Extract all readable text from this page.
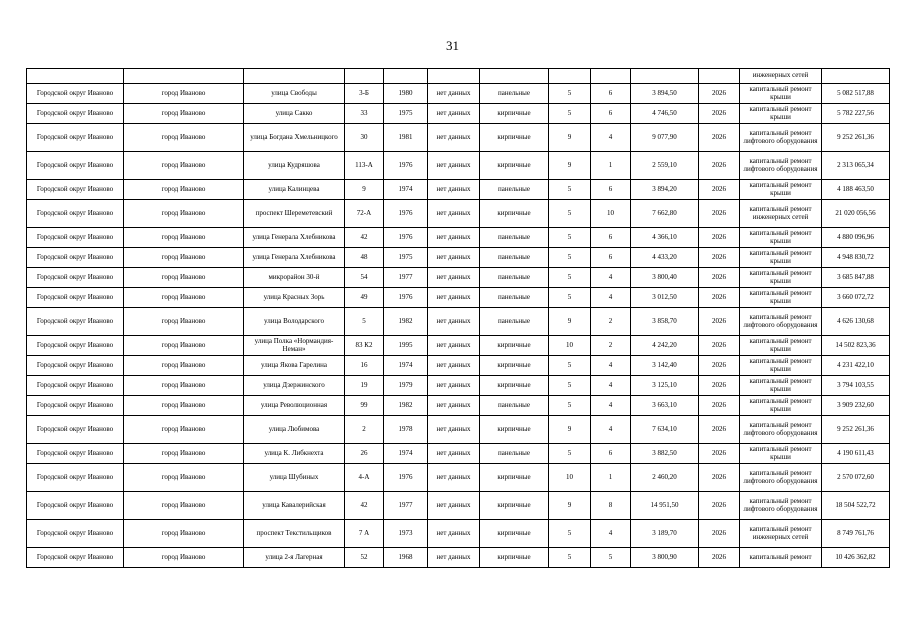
31
											инженерных сетей	
Городской округ Иваново	город Иваново	улица Свободы	3-Б	1980	нет данных	панельные	5	6	3 894,50	2026	капитальный ремонт крыши	5 082 517,88
Городской округ Иваново	город Иваново	улица Сакко	33	1975	нет данных	кирпичные	5	6	4 746,50	2026	капитальный ремонт крыши	5 782 227,56
Городской округ Иваново	город Иваново	улица Богдана Хмельницкого	30	1981	нет данных	кирпичные	9	4	9 077,90	2026	капитальный ремонт лифтового оборудования	9 252 261,36
Городской округ Иваново	город Иваново	улица Кудряшова	113-А	1976	нет данных	кирпичные	9	1	2 559,10	2026	капитальный ремонт лифтового оборудования	2 313 065,34
Городской округ Иваново	город Иваново	улица Калинцева	9	1974	нет данных	панельные	5	6	3 894,20	2026	капитальный ремонт крыши	4 188 463,50
Городской округ Иваново	город Иваново	проспект Шереметевский	72-А	1976	нет данных	кирпичные	5	10	7 662,80	2026	капитальный ремонт инженерных сетей	21 020 056,56
Городской округ Иваново	город Иваново	улица Генерала Хлебникова	42	1976	нет данных	панельные	5	6	4 366,10	2026	капитальный ремонт крыши	4 880 096,96
Городской округ Иваново	город Иваново	улица Генерала Хлебникова	48	1975	нет данных	панельные	5	6	4 433,20	2026	капитальный ремонт крыши	4 948 830,72
Городской округ Иваново	город Иваново	микрорайон 30-й	54	1977	нет данных	панельные	5	4	3 800,40	2026	капитальный ремонт крыши	3 685 847,88
Городской округ Иваново	город Иваново	улица Красных Зорь	49	1976	нет данных	панельные	5	4	3 012,50	2026	капитальный ремонт крыши	3 660 072,72
Городской округ Иваново	город Иваново	улица Володарского	5	1982	нет данных	панельные	9	2	3 858,70	2026	капитальный ремонт лифтового оборудования	4 626 130,68
Городской округ Иваново	город Иваново	улица Полка «Нормандия-Неман»	83 К2	1995	нет данных	кирпичные	10	2	4 242,20	2026	капитальный ремонт крыши	14 502 823,36
Городской округ Иваново	город Иваново	улица Якова Гарелина	16	1974	нет данных	кирпичные	5	4	3 142,40	2026	капитальный ремонт крыши	4 231 422,10
Городской округ Иваново	город Иваново	улица Дзержинского	19	1979	нет данных	кирпичные	5	4	3 125,10	2026	капитальный ремонт крыши	3 794 103,55
Городской округ Иваново	город Иваново	улица Революционная	99	1982	нет данных	панельные	5	4	3 663,10	2026	капитальный ремонт крыши	3 909 232,60
Городской округ Иваново	город Иваново	улица Любимова	2	1978	нет данных	кирпичные	9	4	7 634,10	2026	капитальный ремонт лифтового оборудования	9 252 261,36
Городской округ Иваново	город Иваново	улица К. Либкнехта	26	1974	нет данных	панельные	5	6	3 882,50	2026	капитальный ремонт крыши	4 190 611,43
Городской округ Иваново	город Иваново	улица Шубиных	4-А	1976	нет данных	кирпичные	10	1	2 460,20	2026	капитальный ремонт лифтового оборудования	2 570 072,60
Городской округ Иваново	город Иваново	улица Кавалерийская	42	1977	нет данных	кирпичные	9	8	14 951,50	2026	капитальный ремонт лифтового оборудования	18 504 522,72
Городской округ Иваново	город Иваново	проспект Текстильщиков	7 А	1973	нет данных	кирпичные	5	4	3 189,70	2026	капитальный ремонт инженерных сетей	8 749 761,76
Городской округ Иваново	город Иваново	улица 2-я Лагерная	52	1968	нет данных	кирпичные	5	5	3 800,90	2026	капитальный ремонт	10 426 362,82
